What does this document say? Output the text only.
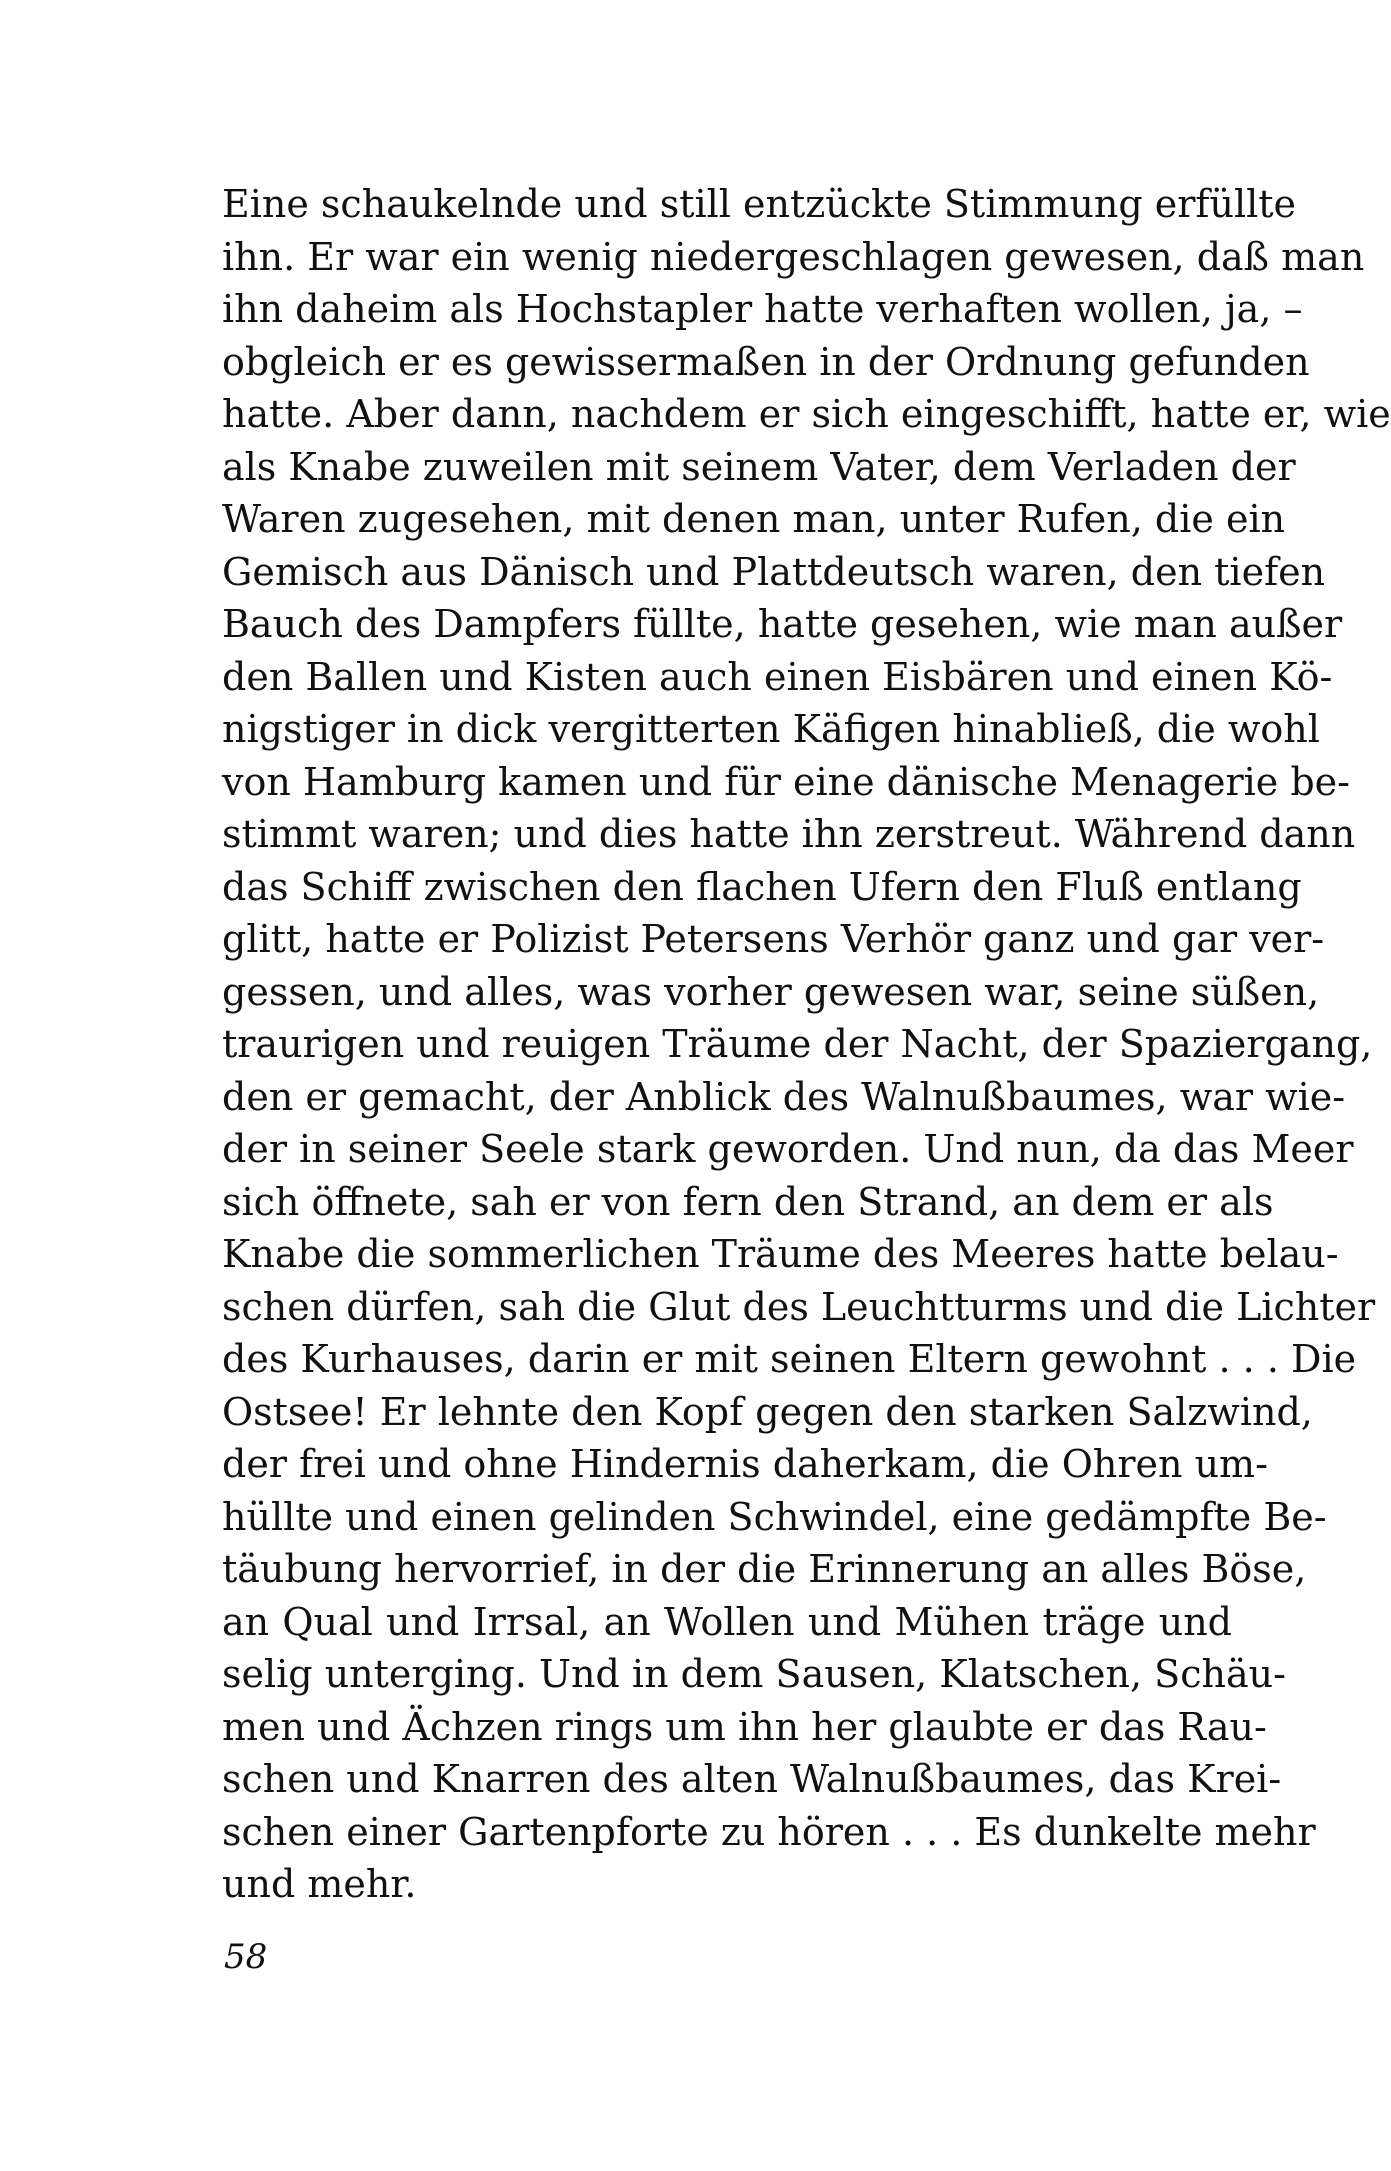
Eine schaukelnde und still entzückte Stimmung erfüllte
ihn. Er war ein wenig niedergeschlagen gewesen, daß man
ihn daheim als Hochstapler hatte verhaften wollen, ja, –
obgleich er es gewissermaßen in der Ordnung gefunden
hatte. Aber dann, nachdem er sich eingeschifft, hatte er, wie
als Knabe zuweilen mit seinem Vater, dem Verladen der
Waren zugesehen, mit denen man, unter Rufen, die ein
Gemisch aus Dänisch und Plattdeutsch waren, den tiefen
Bauch des Dampfers füllte, hatte gesehen, wie man außer
den Ballen und Kisten auch einen Eisbären und einen Kö-
nigstiger in dick vergitterten Käfigen hinabließ, die wohl
von Hamburg kamen und für eine dänische Menagerie be-
stimmt waren; und dies hatte ihn zerstreut. Während dann
das Schiff zwischen den flachen Ufern den Fluß entlang
glitt, hatte er Polizist Petersens Verhör ganz und gar ver-
gessen, und alles, was vorher gewesen war, seine süßen,
traurigen und reuigen Träume der Nacht, der Spaziergang,
den er gemacht, der Anblick des Walnußbaumes, war wie-
der in seiner Seele stark geworden. Und nun, da das Meer
sich öffnete, sah er von fern den Strand, an dem er als
Knabe die sommerlichen Träume des Meeres hatte belau-
schen dürfen, sah die Glut des Leuchtturms und die Lichter
des Kurhauses, darin er mit seinen Eltern gewohnt . . . Die
Ostsee! Er lehnte den Kopf gegen den starken Salzwind,
der frei und ohne Hindernis daherkam, die Ohren um-
hüllte und einen gelinden Schwindel, eine gedämpfte Be-
täubung hervorrief, in der die Erinnerung an alles Böse,
an Qual und Irrsal, an Wollen und Mühen träge und
selig unterging. Und in dem Sausen, Klatschen, Schäu-
men und Ächzen rings um ihn her glaubte er das Rau-
schen und Knarren des alten Walnußbaumes, das Krei-
schen einer Gartenpforte zu hören . . . Es dunkelte mehr
und mehr.
58
